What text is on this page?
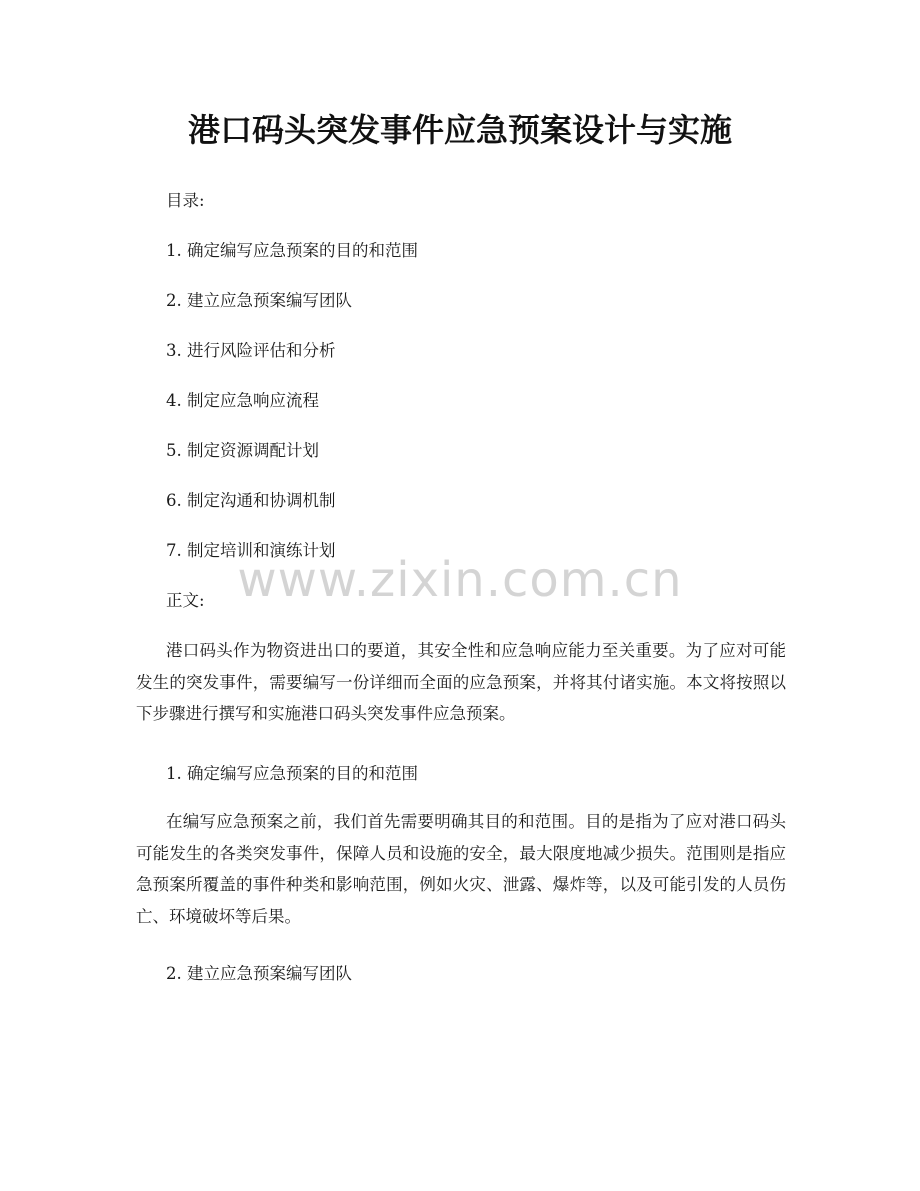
港口码头突发事件应急预案设计与实施

目录:

1. 确定编写应急预案的目的和范围

2. 建立应急预案编写团队

3. 进行风险评估和分析

4. 制定应急响应流程

5. 制定资源调配计划

6. 制定沟通和协调机制

7. 制定培训和演练计划

正文:

港口码头作为物资进出口的要道，其安全性和应急响应能力至关重要。为了应对可能发生的突发事件，需要编写一份详细而全面的应急预案，并将其付诸实施。本文将按照以下步骤进行撰写和实施港口码头突发事件应急预案。

1. 确定编写应急预案的目的和范围

在编写应急预案之前，我们首先需要明确其目的和范围。目的是指为了应对港口码头可能发生的各类突发事件，保障人员和设施的安全，最大限度地减少损失。范围则是指应急预案所覆盖的事件种类和影响范围，例如火灾、泄露、爆炸等，以及可能引发的人员伤亡、环境破坏等后果。

2. 建立应急预案编写团队

www.zixin.com.cn
